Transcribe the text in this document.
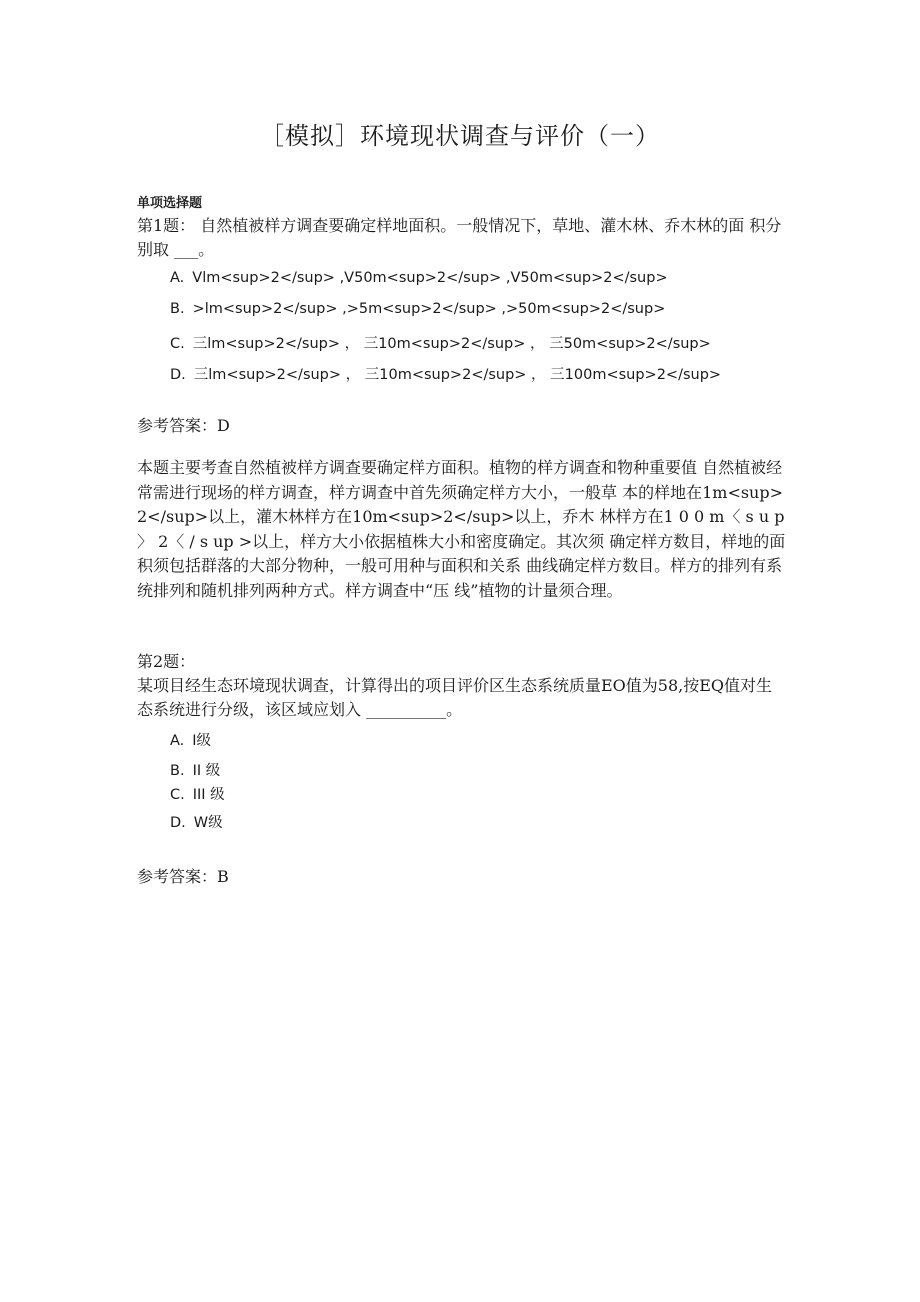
［模拟］环境现状调查与评价（一）
单项选择题
第1题： 自然植被样方调查要确定样地面积。一般情况下，草地、灌木林、乔木林的面 积分别取 ___。
A. Vlm<sup>2</sup> ,V50m<sup>2</sup> ,V50m<sup>2</sup>
B. >lm<sup>2</sup> ,>5m<sup>2</sup> ,>50m<sup>2</sup>
C. 三lm<sup>2</sup> ， 三10m<sup>2</sup> ， 三50m<sup>2</sup>
D. 三lm<sup>2</sup> ， 三10m<sup>2</sup> ， 三100m<sup>2</sup>
参考答案：D
本题主要考查自然植被样方调查要确定样方面积。植物的样方调查和物种重要值 自然植被经常需进行现场的样方调查，样方调查中首先须确定样方大小，一般草 本的样地在1m<sup>2</sup>以上，灌木林样方在10m<sup>2</sup>以上，乔木 林样方在1 0 0 m〈 s u p 〉 2〈 / s up >以上，样方大小依据植株大小和密度确定。其次须 确定样方数目，样地的面积须包括群落的大部分物种，一般可用种与面积和关系 曲线确定样方数目。样方的排列有系统排列和随机排列两种方式。样方调查中“压 线”植物的计量须合理。
第2题：
某项目经生态环境现状调查，计算得出的项目评价区生态系统质量EO值为58,按EQ值对生态系统进行分级，该区域应划入 __________。
A. I级
B. II 级
C. III 级
D. W级
参考答案：B
